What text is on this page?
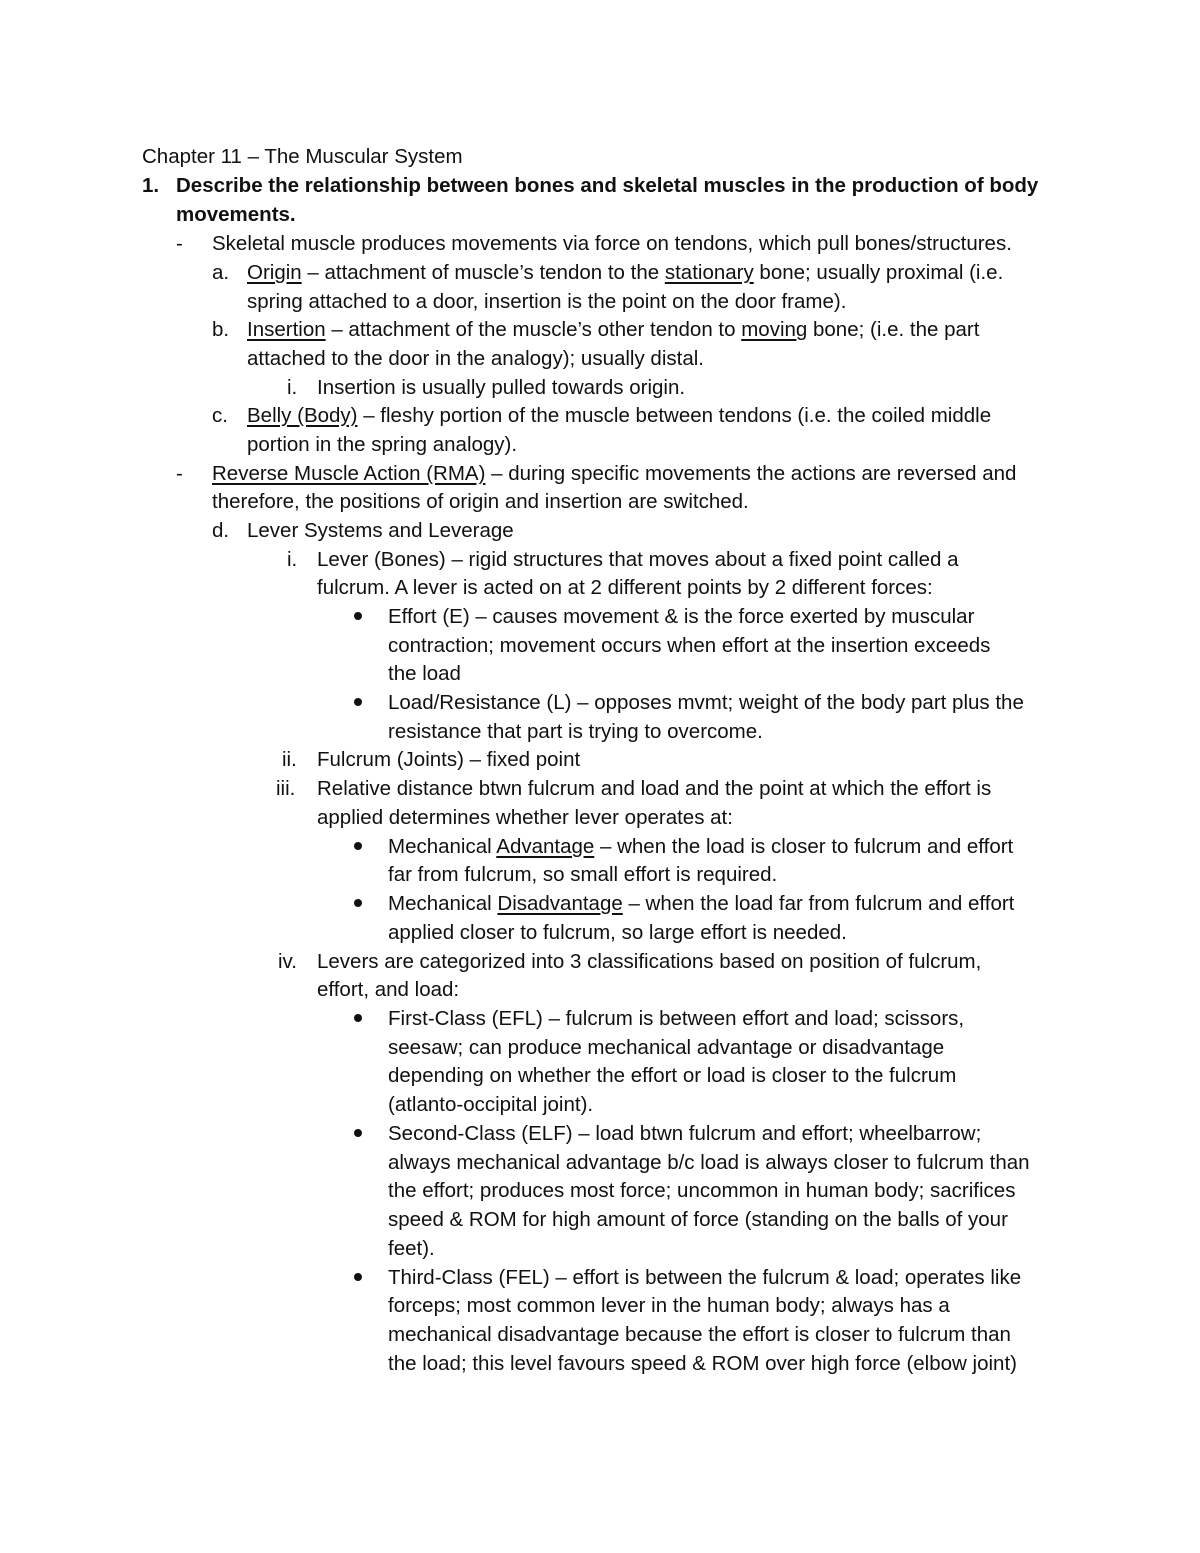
Chapter 11 – The Muscular System
1. Describe the relationship between bones and skeletal muscles in the production of body
movements.
- Skeletal muscle produces movements via force on tendons, which pull bones/structures.
a. Origin – attachment of muscle’s tendon to the stationary bone; usually proximal (i.e.
spring attached to a door, insertion is the point on the door frame).
b. Insertion – attachment of the muscle’s other tendon to moving bone; (i.e. the part
attached to the door in the analogy); usually distal.
i. Insertion is usually pulled towards origin.
c. Belly (Body) – fleshy portion of the muscle between tendons (i.e. the coiled middle
portion in the spring analogy).
- Reverse Muscle Action (RMA) – during specific movements the actions are reversed and
therefore, the positions of origin and insertion are switched.
d. Lever Systems and Leverage
i. Lever (Bones) – rigid structures that moves about a fixed point called a
fulcrum. A lever is acted on at 2 different points by 2 different forces:
Effort (E) – causes movement & is the force exerted by muscular
contraction; movement occurs when effort at the insertion exceeds
the load
Load/Resistance (L) – opposes mvmt; weight of the body part plus the
resistance that part is trying to overcome.
ii. Fulcrum (Joints) – fixed point
iii. Relative distance btwn fulcrum and load and the point at which the effort is
applied determines whether lever operates at:
Mechanical Advantage – when the load is closer to fulcrum and effort
far from fulcrum, so small effort is required.
Mechanical Disadvantage – when the load far from fulcrum and effort
applied closer to fulcrum, so large effort is needed.
iv. Levers are categorized into 3 classifications based on position of fulcrum,
effort, and load:
First-Class (EFL) – fulcrum is between effort and load; scissors,
seesaw; can produce mechanical advantage or disadvantage
depending on whether the effort or load is closer to the fulcrum
(atlanto-occipital joint).
Second-Class (ELF) – load btwn fulcrum and effort; wheelbarrow;
always mechanical advantage b/c load is always closer to fulcrum than
the effort; produces most force; uncommon in human body; sacrifices
speed & ROM for high amount of force (standing on the balls of your
feet).
Third-Class (FEL) – effort is between the fulcrum & load; operates like
forceps; most common lever in the human body; always has a
mechanical disadvantage because the effort is closer to fulcrum than
the load; this level favours speed & ROM over high force (elbow joint)
